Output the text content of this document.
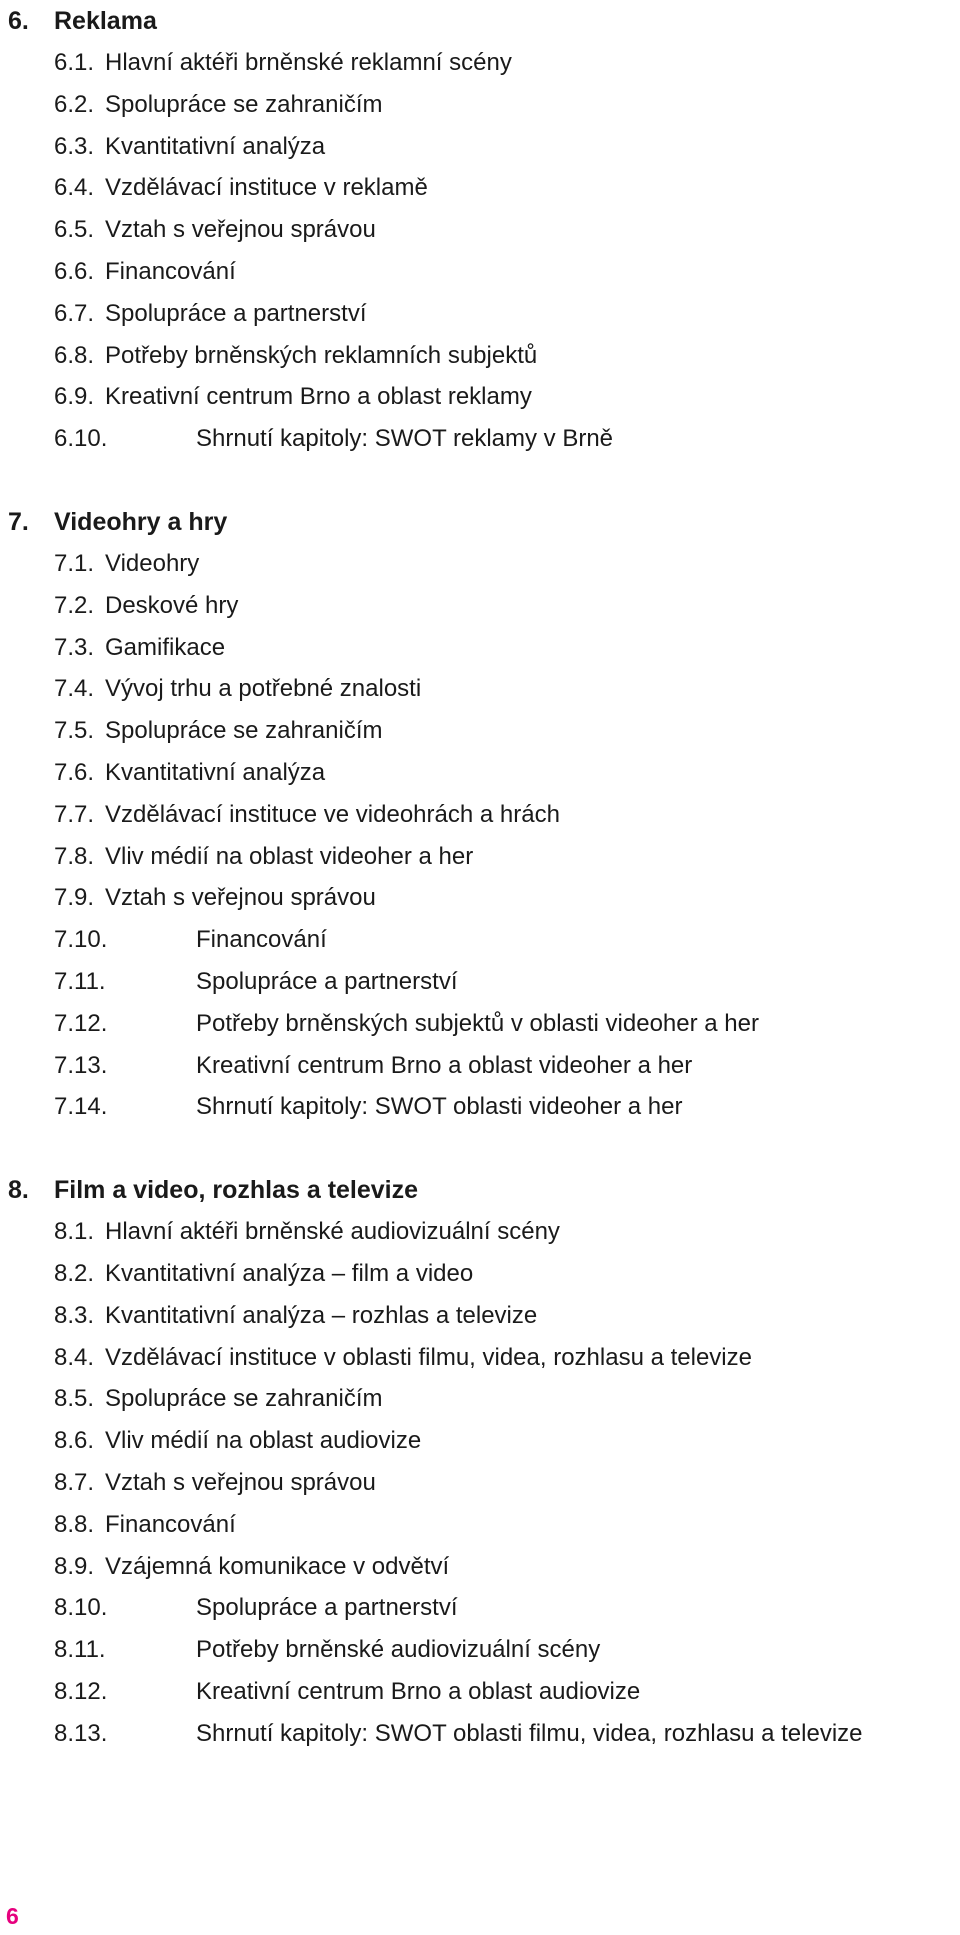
6. Reklama
6.1. Hlavní aktéři brněnské reklamní scény
6.2. Spolupráce se zahraničím
6.3. Kvantitativní analýza
6.4. Vzdělávací instituce v reklamě
6.5. Vztah s veřejnou správou
6.6. Financování
6.7. Spolupráce a partnerství
6.8. Potřeby brněnských reklamních subjektů
6.9. Kreativní centrum Brno a oblast reklamy
6.10.	Shrnutí kapitoly: SWOT reklamy v Brně
7. Videohry a hry
7.1. Videohry
7.2. Deskové hry
7.3. Gamifikace
7.4. Vývoj trhu a potřebné znalosti
7.5. Spolupráce se zahraničím
7.6. Kvantitativní analýza
7.7. Vzdělávací instituce ve videohrách a hrách
7.8. Vliv médií na oblast videoher a her
7.9. Vztah s veřejnou správou
7.10.	Financování
7.11.	Spolupráce a partnerství
7.12.	Potřeby brněnských subjektů v oblasti videoher a her
7.13.	Kreativní centrum Brno a oblast videoher a her
7.14.	Shrnutí kapitoly: SWOT oblasti videoher a her
8. Film a video, rozhlas a televize
8.1. Hlavní aktéři brněnské audiovizuální scény
8.2. Kvantitativní analýza – film a video
8.3. Kvantitativní analýza – rozhlas a televize
8.4. Vzdělávací instituce v oblasti filmu, videa, rozhlasu a televize
8.5. Spolupráce se zahraničím
8.6. Vliv médií na oblast audiovize
8.7. Vztah s veřejnou správou
8.8. Financování
8.9. Vzájemná komunikace v odvětví
8.10.	Spolupráce a partnerství
8.11.	Potřeby brněnské audiovizuální scény
8.12.	Kreativní centrum Brno a oblast audiovize
8.13.	Shrnutí kapitoly: SWOT oblasti filmu, videa, rozhlasu a televize
6
